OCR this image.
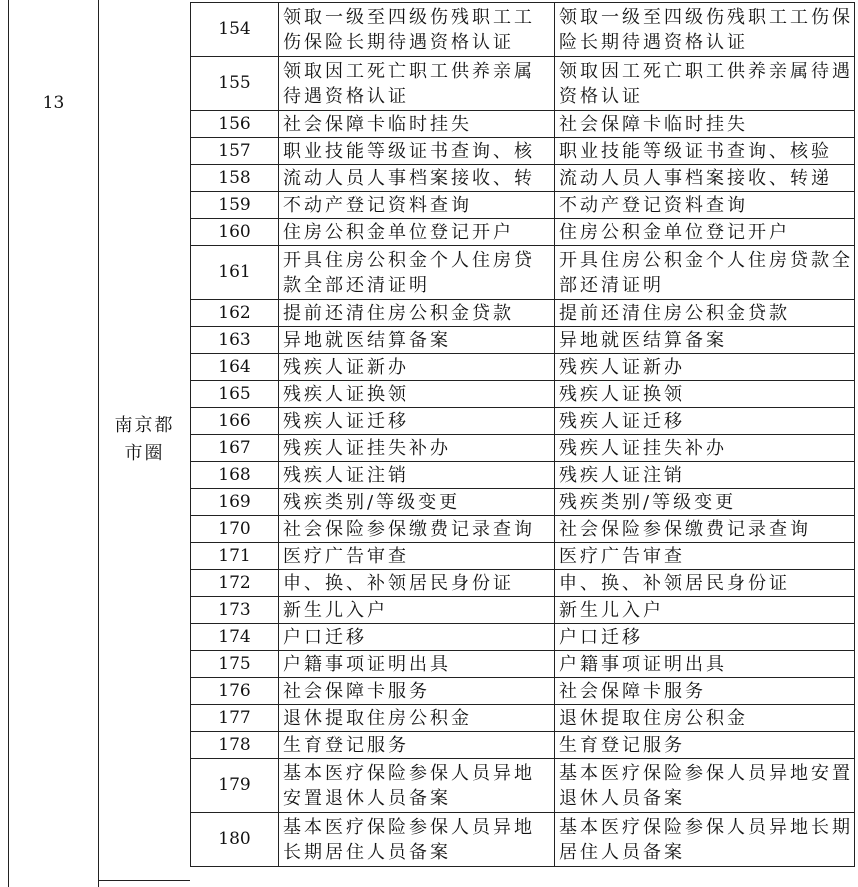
13
南京都市圈
154	领取一级至四级伤残职工工伤保险长期待遇资格认证	领取一级至四级伤残职工工伤保险长期待遇资格认证
155	领取因工死亡职工供养亲属待遇资格认证	领取因工死亡职工供养亲属待遇资格认证
156	社会保障卡临时挂失	社会保障卡临时挂失
157	职业技能等级证书查询、核	职业技能等级证书查询、核验
158	流动人员人事档案接收、转	流动人员人事档案接收、转递
159	不动产登记资料查询	不动产登记资料查询
160	住房公积金单位登记开户	住房公积金单位登记开户
161	开具住房公积金个人住房贷款全部还清证明	开具住房公积金个人住房贷款全部还清证明
162	提前还清住房公积金贷款	提前还清住房公积金贷款
163	异地就医结算备案	异地就医结算备案
164	残疾人证新办	残疾人证新办
165	残疾人证换领	残疾人证换领
166	残疾人证迁移	残疾人证迁移
167	残疾人证挂失补办	残疾人证挂失补办
168	残疾人证注销	残疾人证注销
169	残疾类别/等级变更	残疾类别/等级变更
170	社会保险参保缴费记录查询	社会保险参保缴费记录查询
171	医疗广告审查	医疗广告审查
172	申、换、补领居民身份证	申、换、补领居民身份证
173	新生儿入户	新生儿入户
174	户口迁移	户口迁移
175	户籍事项证明出具	户籍事项证明出具
176	社会保障卡服务	社会保障卡服务
177	退休提取住房公积金	退休提取住房公积金
178	生育登记服务	生育登记服务
179	基本医疗保险参保人员异地安置退休人员备案	基本医疗保险参保人员异地安置退休人员备案
180	基本医疗保险参保人员异地长期居住人员备案	基本医疗保险参保人员异地长期居住人员备案
